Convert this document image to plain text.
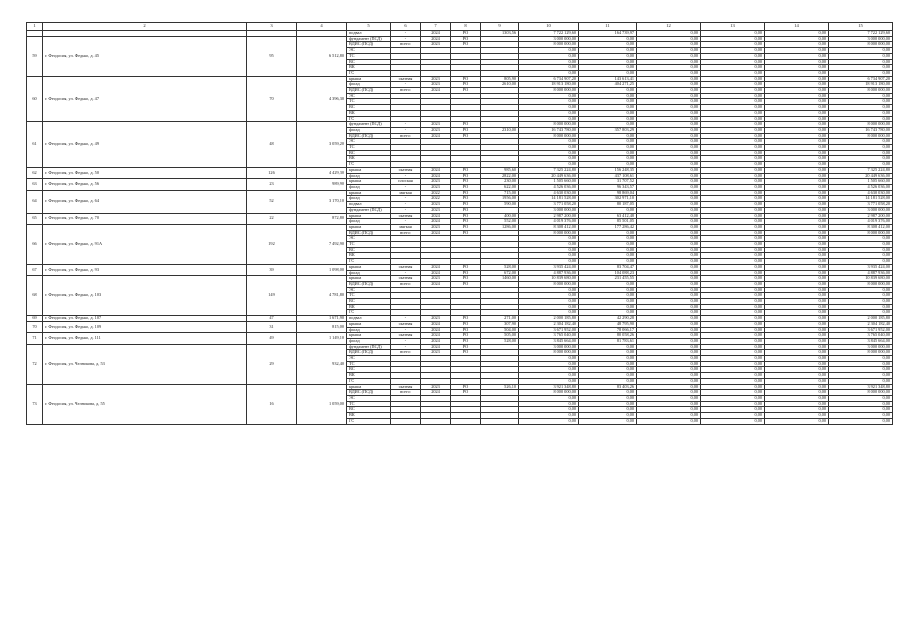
1	2	3	4	5	6	7	8	9	10	11	12	13	14	15
				подвал	-	2024	РО	1303,56	7 722 129,60	164 739,97	0,00	0,00	0,00	7 722 129,60
59	г. Феодосия, ул. Федько, д. 45	95	6 512,80	фундамент (ПСД)	-	2024	РО		3 000 000,00	0,00	0,00	0,00	0,00	3 000 000,00
				ВДИС (ПСД)	всего:	2023	РО		8 000 000,00	0,00	0,00	0,00	0,00	8 000 000,00
				ЭС					0,00	0,00	0,00	0,00	0,00	0,00
				ТС					0,00	0,00	0,00	0,00	0,00	0,00
				ВС					0,00	0,00	0,00	0,00	0,00	0,00
				ВК					0,00	0,00	0,00	0,00	0,00	0,00
				ГС					0,00	0,00	0,00	0,00	0,00	0,00
60	г. Феодосия, ул. Федько, д. 47	70	4 396,30	крыша	скатная	2023	РО	805,90	6 734 907,20	143 613,41	0,00	0,00	0,00	6 734 907,20
				фасад	-	2023	РО	2610,00	18 913 180,00	404 271,25	0,00	0,00	0,00	18 913 180,00
				ВДИС (ПСД)	всего:	2024	РО		8 000 000,00	0,00	0,00	0,00	0,00	8 000 000,00
				ЭС					0,00	0,00	0,00	0,00	0,00	0,00
				ТС					0,00	0,00	0,00	0,00	0,00	0,00
				ВС					0,00	0,00	0,00	0,00	0,00	0,00
				ВК					0,00	0,00	0,00	0,00	0,00	0,00
				ГС					0,00	0,00	0,00	0,00	0,00	0,00
61	г. Феодосия, ул. Федько, д. 49	48	3 059,20	фундамент (ПСД)	-	2023	РО		8 000 000,00	0,00	0,00	0,00	0,00	8 000 000,00
				фасад	-	2023	РО	2310,00	16 743 780,00	357 803,29	0,00	0,00	0,00	16 743 780,00
				ВДИС (ПСД)	всего:	2024	РО		8 000 000,00	0,00	0,00	0,00	0,00	8 000 000,00
				ЭС					0,00	0,00	0,00	0,00	0,00	0,00
				ТС					0,00	0,00	0,00	0,00	0,00	0,00
				ВС					0,00	0,00	0,00	0,00	0,00	0,00
				ВК					0,00	0,00	0,00	0,00	0,00	0,00
				ГС					0,00	0,00	0,00	0,00	0,00	0,00
62	г. Феодосия, ул. Федько, д. 50	126	4 429,30	крыша	скатная	2024	РО	985,60	7 325 224,80	156 248,35	0,00	0,00	0,00	7 325 224,80
				фасад	-	2024	РО	2822,00	20 449 636,00	437 108,61	0,00	0,00	0,00	20 449 636,00
63	г. Феодосия, ул. Федько, д. 56	23	989,90	крыша	плоская	2023	РО	230,00	1 505 660,00	31 707,52	0,00	0,00	0,00	1 505 660,00
				фасад	-	2023	РО	622,00	4 526 036,00	96 343,57	0,00	0,00	0,00	4 526 036,00
64	г. Феодосия, ул. Федько, д. 64	52	3 170,10	крыша	мягкая	2022	РО	715,00	4 630 030,00	98 869,04	0,00	0,00	0,00	4 630 030,00
				фасад	-	2022	РО	1956,00	14 181 528,00	302 971,10	0,00	0,00	0,00	14 181 528,00
				подвал	-	2023	РО	590,00	3 771 058,20	80 187,05	0,00	0,00	0,00	3 771 058,20
				фундамент (ПСД)	-	2023	РО		3 000 000,00	0,00	0,00	0,00	0,00	3 000 000,00
65	г. Феодосия, ул. Федько, д. 70	22	872,80	крыша	скатная	2024	РО	400,00	2 987 200,00	63 412,48	0,00	0,00	0,00	2 987 200,00
				фасад	-	2024	РО	552,00	4 019 376,00	85 501,05	0,00	0,00	0,00	4 019 376,00
66	г. Феодосия, ул. Федько, д. 91А	192	7 492,90	крыша	мягкая	2023	РО	1286,00	8 308 412,00	177 286,42	0,00	0,00	0,00	8 308 412,00
				ВДИС (ПСД)	всего:	2024	РО		8 000 000,00	0,00	0,00	0,00	0,00	8 000 000,00
				ЭС					0,00	0,00	0,00	0,00	0,00	0,00
				ТС					0,00	0,00	0,00	0,00	0,00	0,00
				ВС					0,00	0,00	0,00	0,00	0,00	0,00
				ВК					0,00	0,00	0,00	0,00	0,00	0,00
				ГС					0,00	0,00	0,00	0,00	0,00	0,00
67	г. Феодосия, ул. Федько, д. 93	39	1 098,00	крыша	скатная	2024	РО	528,00	3 935 424,00	83 704,47	0,00	0,00	0,00	3 935 424,00
				фасад	-	2024	РО	672,00	4 887 936,00	104 088,23	0,00	0,00	0,00	4 887 936,00
68	г. Феодосия, ул. Федько, д. 103	149	4 781,80	крыша	скатная	2023	РО	1460,00	10 839 680,00	231 455,55	0,00	0,00	0,00	10 839 680,00
				ВДИС (ПСД)	всего:	2024	РО		8 000 000,00	0,00	0,00	0,00	0,00	8 000 000,00
				ЭС					0,00	0,00	0,00	0,00	0,00	0,00
				ТС					0,00	0,00	0,00	0,00	0,00	0,00
				ВС					0,00	0,00	0,00	0,00	0,00	0,00
				ВК					0,00	0,00	0,00	0,00	0,00	0,00
				ГС					0,00	0,00	0,00	0,00	0,00	0,00
69	г. Феодосия, ул. Федько, д. 107	47	1 671,90	подвал	-	2023	РО	271,00	2 000 185,80	42 290,28	0,00	0,00	0,00	2 000 185,80
70	г. Феодосия, ул. Федько, д. 109	31	815,00	крыша	скатная	2024	РО	307,90	2 304 182,40	48 795,90	0,00	0,00	0,00	2 304 182,40
				фасад	-	2024	РО	504,00	3 671 952,00	78 066,17	0,00	0,00	0,00	3 671 952,00
71	г. Феодосия, ул. Федько, д. 111	49	1 149,10	крыша	скатная	2024	РО	505,00	3 765 040,00	80 058,26	0,00	0,00	0,00	3 765 040,00
				фасад	-	2024	РО	528,00	3 845 664,00	81 783,61	0,00	0,00	0,00	3 845 664,00
72	г. Феодосия, ул. Челнокова, д. 53	29	932,40	фундамент (ПСД)	-	2024	РО		3 000 000,00	0,00	0,00	0,00	0,00	3 000 000,00
				ВДИС (ПСД)	всего:	2023	РО		8 000 000,00	0,00	0,00	0,00	0,00	8 000 000,00
				ЭС					0,00	0,00	0,00	0,00	0,00	0,00
				ТС					0,00	0,00	0,00	0,00	0,00	0,00
				ВС					0,00	0,00	0,00	0,00	0,00	0,00
				ВК					0,00	0,00	0,00	0,00	0,00	0,00
				ГС					0,00	0,00	0,00	0,00	0,00	0,00
73	г. Феодосия, ул. Челнокова, д. 55	16	1 059,00	крыша	скатная	2023	РО	526,10	3 921 348,80	83 403,26	0,00	0,00	0,00	3 921 348,80
				ВДИС (ПСД)	всего:	2024	РО		8 000 000,00	0,00	0,00	0,00	0,00	8 000 000,00
				ЭС					0,00	0,00	0,00	0,00	0,00	0,00
				ТС					0,00	0,00	0,00	0,00	0,00	0,00
				ВС					0,00	0,00	0,00	0,00	0,00	0,00
				ВК					0,00	0,00	0,00	0,00	0,00	0,00
				ГС					0,00	0,00	0,00	0,00	0,00	0,00
